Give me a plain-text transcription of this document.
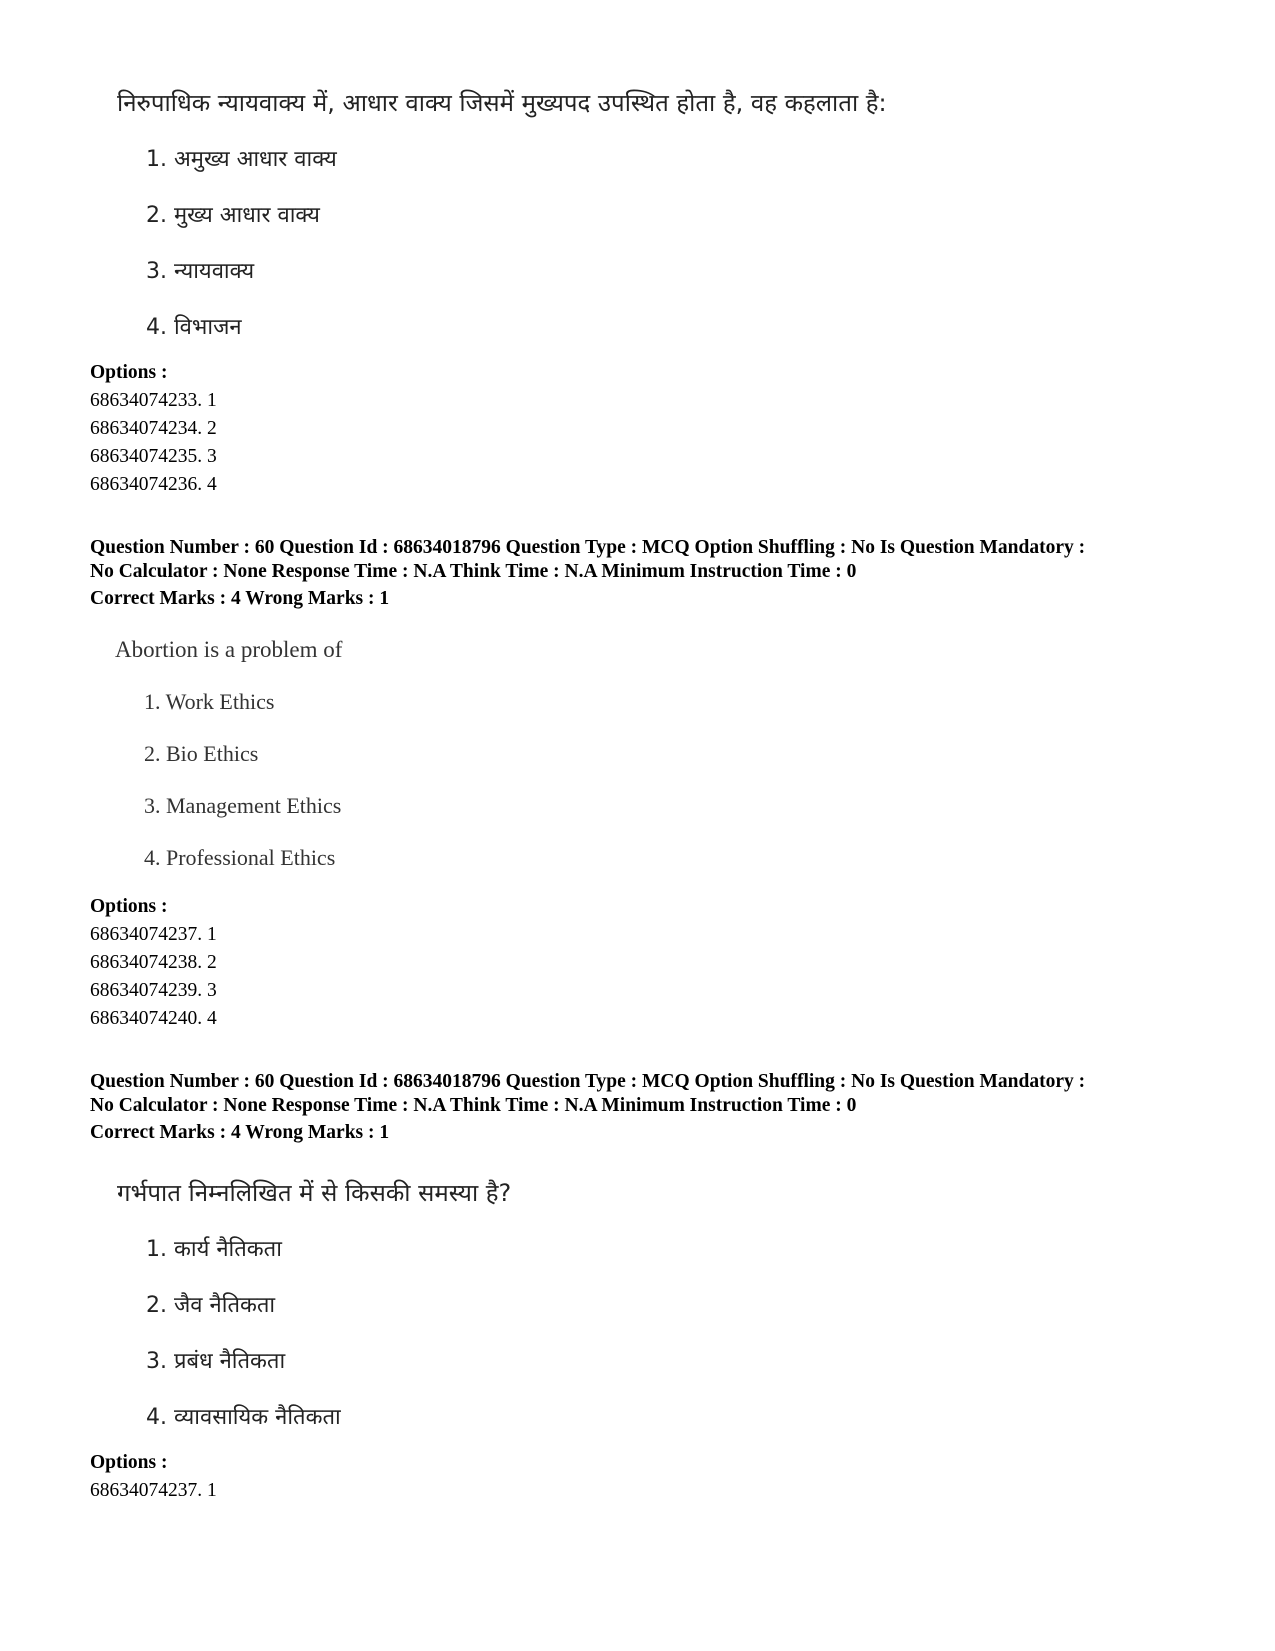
निरुपाधिक न्यायवाक्य में, आधार वाक्य जिसमें मुख्यपद उपस्थित होता है, वह कहलाता है:
1. अमुख्य आधार वाक्य
2. मुख्य आधार वाक्य
3. न्यायवाक्य
4. विभाजन
Options :
68634074233. 1
68634074234. 2
68634074235. 3
68634074236. 4
Question Number : 60 Question Id : 68634018796 Question Type : MCQ Option Shuffling : No Is Question Mandatory :
No Calculator : None Response Time : N.A Think Time : N.A Minimum Instruction Time : 0
Correct Marks : 4 Wrong Marks : 1
Abortion is a problem of
1. Work Ethics
2. Bio Ethics
3. Management Ethics
4. Professional Ethics
Options :
68634074237. 1
68634074238. 2
68634074239. 3
68634074240. 4
Question Number : 60 Question Id : 68634018796 Question Type : MCQ Option Shuffling : No Is Question Mandatory :
No Calculator : None Response Time : N.A Think Time : N.A Minimum Instruction Time : 0
Correct Marks : 4 Wrong Marks : 1
गर्भपात निम्नलिखित में से किसकी समस्या है?
1. कार्य नैतिकता
2. जैव नैतिकता
3. प्रबंध नैतिकता
4. व्यावसायिक नैतिकता
Options :
68634074237. 1
